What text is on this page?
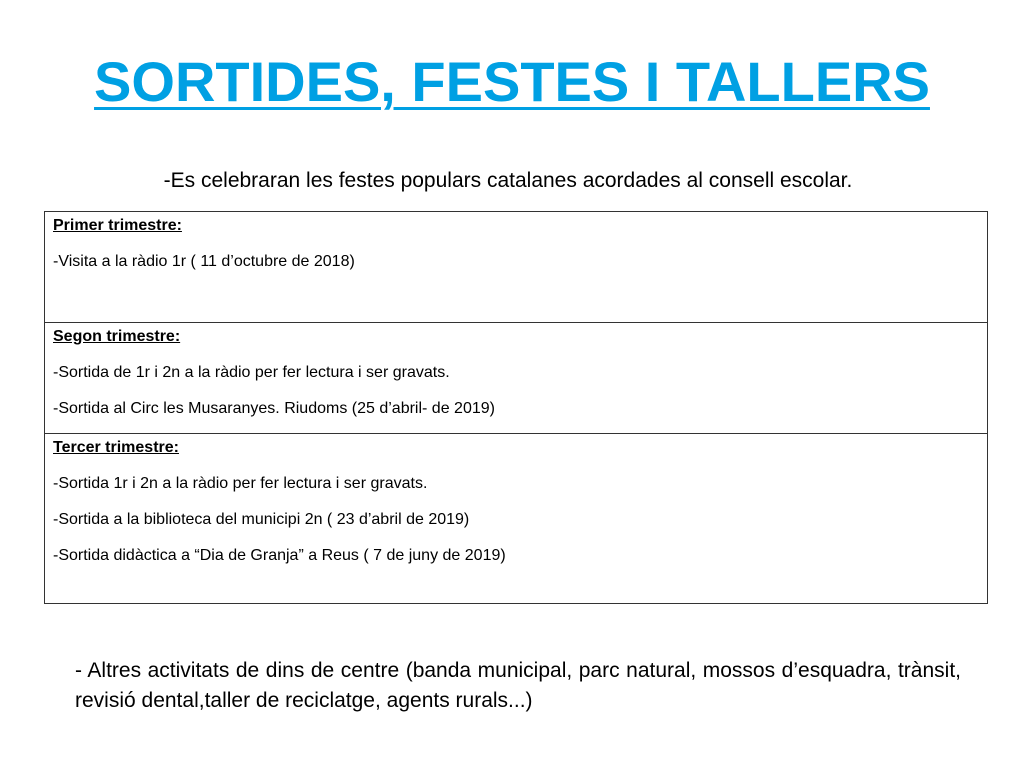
SORTIDES, FESTES I TALLERS

-Es celebraran les festes populars catalanes acordades al consell escolar.

Primer trimestre:
-Visita a la ràdio 1r ( 11 d’octubre de 2018)
Segon trimestre:
-Sortida de 1r i 2n a la ràdio per fer lectura i ser gravats.
-Sortida al Circ les Musaranyes. Riudoms (25 d’abril- de 2019)
Tercer trimestre:
-Sortida 1r i 2n a la ràdio per fer lectura i ser gravats.
-Sortida a la biblioteca del municipi 2n ( 23 d’abril de 2019)
-Sortida didàctica a “Dia de Granja” a Reus ( 7 de juny de 2019)

- Altres activitats de dins de centre (banda municipal, parc natural, mossos d’esquadra, trànsit, revisió dental,taller de reciclatge, agents rurals...)
